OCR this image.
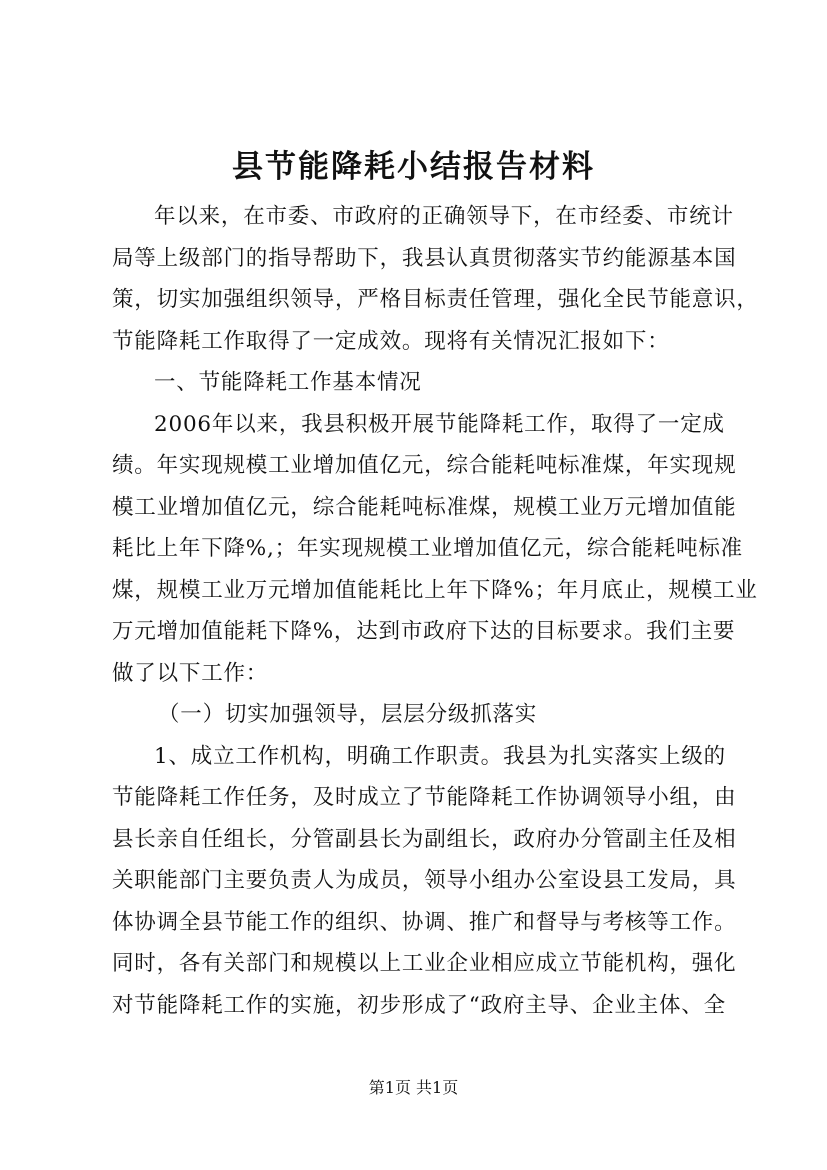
县节能降耗小结报告材料
年以来，在市委、市政府的正确领导下，在市经委、市统计
局等上级部门的指导帮助下，我县认真贯彻落实节约能源基本国
策，切实加强组织领导，严格目标责任管理，强化全民节能意识，
节能降耗工作取得了一定成效。现将有关情况汇报如下：
一、节能降耗工作基本情况
2006年以来，我县积极开展节能降耗工作，取得了一定成
绩。年实现规模工业增加值亿元，综合能耗吨标准煤，年实现规
模工业增加值亿元，综合能耗吨标准煤，规模工业万元增加值能
耗比上年下降%,；年实现规模工业增加值亿元，综合能耗吨标准
煤，规模工业万元增加值能耗比上年下降%；年月底止，规模工业
万元增加值能耗下降%，达到市政府下达的目标要求。我们主要
做了以下工作：
（一）切实加强领导，层层分级抓落实
1、成立工作机构，明确工作职责。我县为扎实落实上级的
节能降耗工作任务，及时成立了节能降耗工作协调领导小组，由
县长亲自任组长，分管副县长为副组长，政府办分管副主任及相
关职能部门主要负责人为成员，领导小组办公室设县工发局，具
体协调全县节能工作的组织、协调、推广和督导与考核等工作。
同时，各有关部门和规模以上工业企业相应成立节能机构，强化
对节能降耗工作的实施，初步形成了“政府主导、企业主体、全
第1页 共1页
